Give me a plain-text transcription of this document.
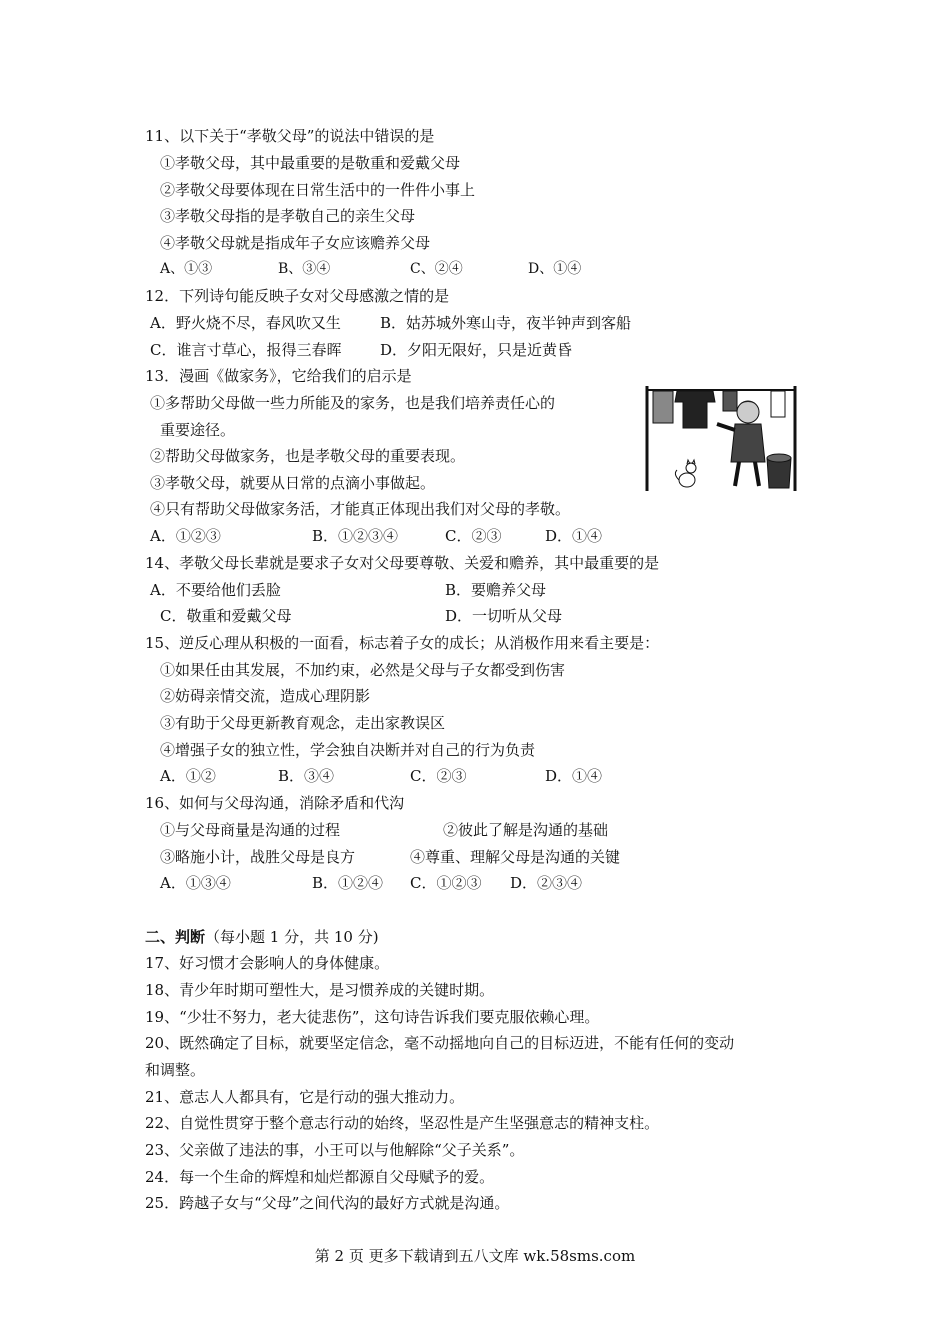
11、以下关于“孝敬父母”的说法中错误的是
①孝敬父母，其中最重要的是敬重和爱戴父母
②孝敬父母要体现在日常生活中的一件件小事上
③孝敬父母指的是孝敬自己的亲生父母
④孝敬父母就是指成年子女应该赡养父母
A、①③	B、③④	C、②④	D、①④
12．下列诗句能反映子女对父母感激之情的是
A．野火烧不尽，春风吹又生	B．姑苏城外寒山寺，夜半钟声到客船
C．谁言寸草心，报得三春晖	D．夕阳无限好，只是近黄昏
13．漫画《做家务》，它给我们的启示是
①多帮助父母做一些力所能及的家务，也是我们培养责任心的
重要途径。
②帮助父母做家务，也是孝敬父母的重要表现。
③孝敬父母，就要从日常的点滴小事做起。
④只有帮助父母做家务活，才能真正体现出我们对父母的孝敬。
A．①②③	B．①②③④	C．②③	D．①④
14、孝敬父母长辈就是要求子女对父母要尊敬、关爱和赡养，其中最重要的是
A．不要给他们丢脸	B．要赡养父母
C．敬重和爱戴父母	D．一切听从父母
15、逆反心理从积极的一面看，标志着子女的成长；从消极作用来看主要是：
①如果任由其发展，不加约束，必然是父母与子女都受到伤害
②妨碍亲情交流，造成心理阴影
③有助于父母更新教育观念，走出家教误区
④增强子女的独立性，学会独自决断并对自己的行为负责
A．①②	B．③④	C．②③	D．①④
16、如何与父母沟通，消除矛盾和代沟
①与父母商量是沟通的过程	②彼此了解是沟通的基础
③略施小计，战胜父母是良方	④尊重、理解父母是沟通的关键
A．①③④	B．①②④ C．①②③ D．②③④
二、判断（每小题 1 分，共 10 分)
17、好习惯才会影响人的身体健康。
18、青少年时期可塑性大，是习惯养成的关键时期。
19、“少壮不努力，老大徒悲伤”，这句诗告诉我们要克服依赖心理。
20、既然确定了目标，就要坚定信念，毫不动摇地向自己的目标迈进，不能有任何的变动
和调整。
21、意志人人都具有，它是行动的强大推动力。
22、自觉性贯穿于整个意志行动的始终，坚忍性是产生坚强意志的精神支柱。
23、父亲做了违法的事，小王可以与他解除“父子关系”。
24．每一个生命的辉煌和灿烂都源自父母赋予的爱。
25．跨越子女与“父母”之间代沟的最好方式就是沟通。
第 2 页 更多下载请到五八文库 wk.58sms.com
